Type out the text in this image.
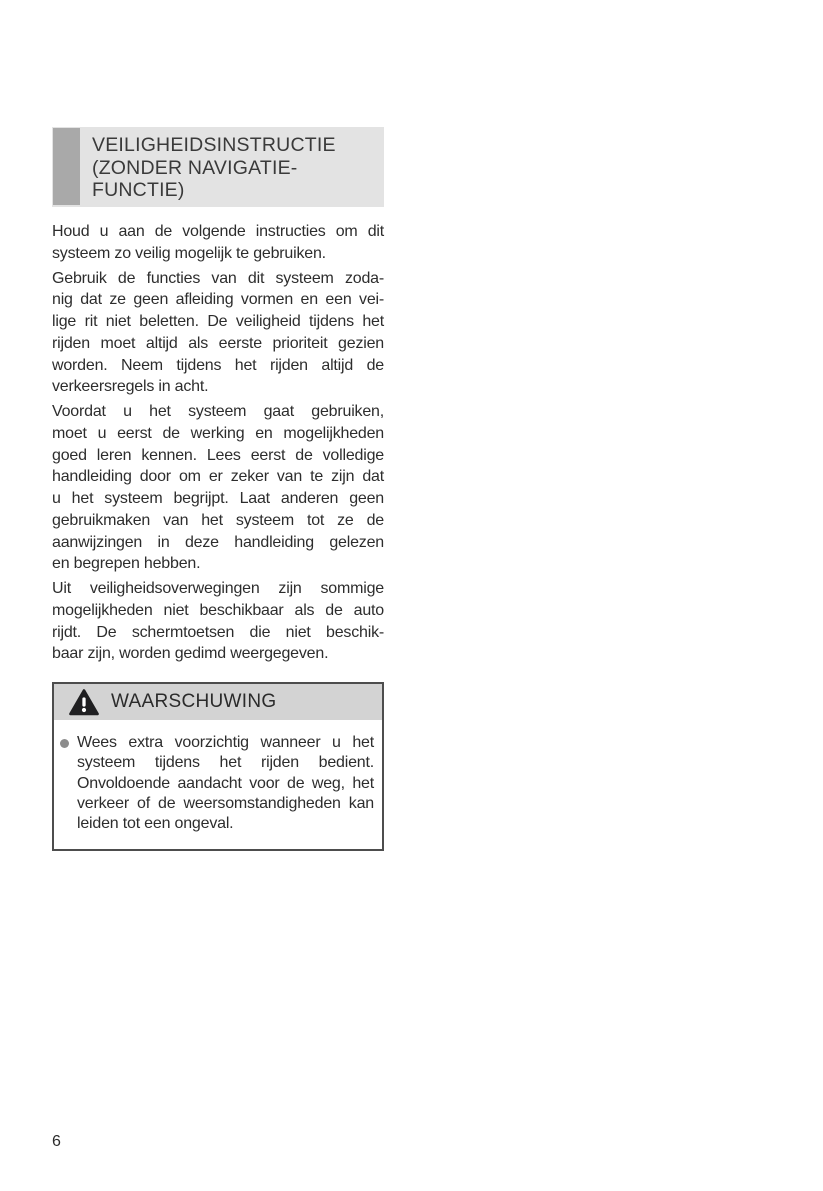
VEILIGHEIDSINSTRUCTIE
(ZONDER NAVIGATIE-
FUNCTIE)

Houd u aan de volgende instructies om dit
systeem zo veilig mogelijk te gebruiken.

Gebruik de functies van dit systeem zoda-
nig dat ze geen afleiding vormen en een vei-
lige rit niet beletten. De veiligheid tijdens het
rijden moet altijd als eerste prioriteit gezien
worden. Neem tijdens het rijden altijd de
verkeersregels in acht.

Voordat u het systeem gaat gebruiken,
moet u eerst de werking en mogelijkheden
goed leren kennen. Lees eerst de volledige
handleiding door om er zeker van te zijn dat
u het systeem begrijpt. Laat anderen geen
gebruikmaken van het systeem tot ze de
aanwijzingen in deze handleiding gelezen
en begrepen hebben.

Uit veiligheidsoverwegingen zijn sommige
mogelijkheden niet beschikbaar als de auto
rijdt. De schermtoetsen die niet beschik-
baar zijn, worden gedimd weergegeven.

WAARSCHUWING
Wees extra voorzichtig wanneer u het
systeem tijdens het rijden bedient.
Onvoldoende aandacht voor de weg, het
verkeer of de weersomstandigheden kan
leiden tot een ongeval.
6
